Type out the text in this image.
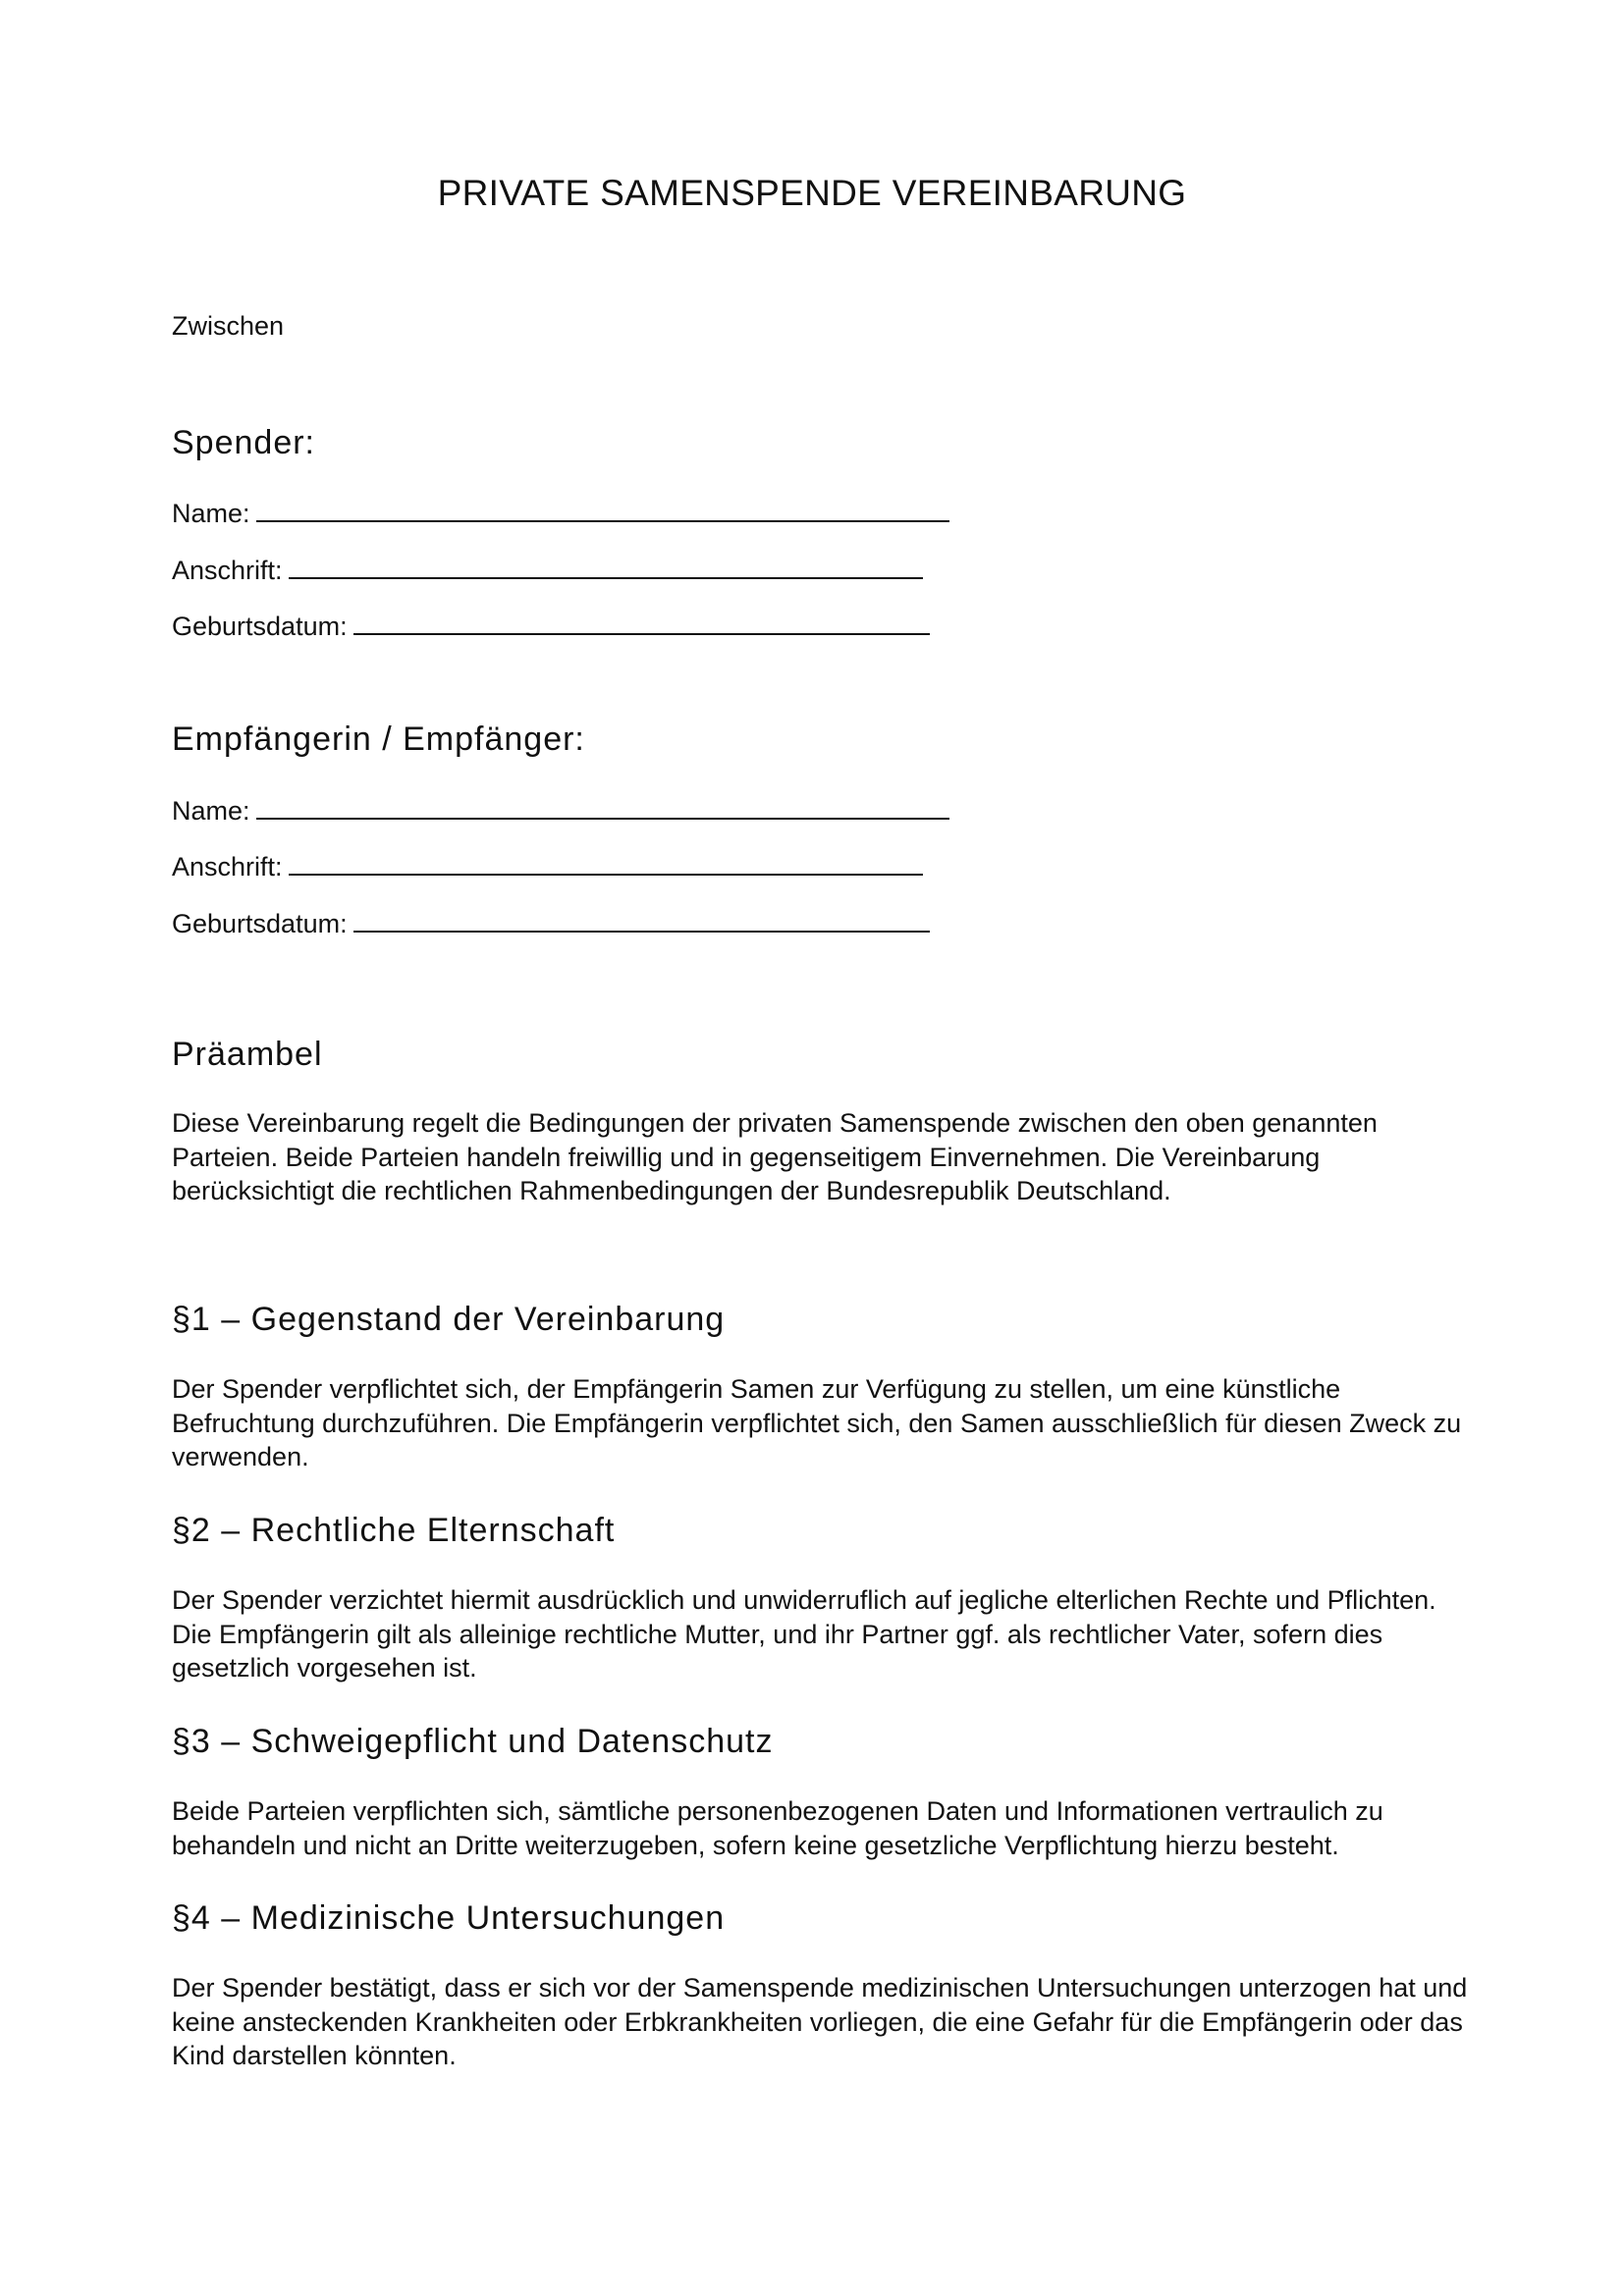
PRIVATE SAMENSPENDE VEREINBARUNG

Zwischen

Spender:
Name:
Anschrift:
Geburtsdatum:
Empfängerin / Empfänger:
Name:
Anschrift:
Geburtsdatum:
Präambel

Diese Vereinbarung regelt die Bedingungen der privaten Samenspende zwischen den oben genannten Parteien. Beide Parteien handeln freiwillig und in gegenseitigem Einvernehmen. Die Vereinbarung berücksichtigt die rechtlichen Rahmenbedingungen der Bundesrepublik Deutschland.

§1 – Gegenstand der Vereinbarung

Der Spender verpflichtet sich, der Empfängerin Samen zur Verfügung zu stellen, um eine künstliche Befruchtung durchzuführen. Die Empfängerin verpflichtet sich, den Samen ausschließlich für diesen Zweck zu verwenden.

§2 – Rechtliche Elternschaft

Der Spender verzichtet hiermit ausdrücklich und unwiderruflich auf jegliche elterlichen Rechte und Pflichten. Die Empfängerin gilt als alleinige rechtliche Mutter, und ihr Partner ggf. als rechtlicher Vater, sofern dies gesetzlich vorgesehen ist.

§3 – Schweigepflicht und Datenschutz

Beide Parteien verpflichten sich, sämtliche personenbezogenen Daten und Informationen vertraulich zu behandeln und nicht an Dritte weiterzugeben, sofern keine gesetzliche Verpflichtung hierzu besteht.

§4 – Medizinische Untersuchungen

Der Spender bestätigt, dass er sich vor der Samenspende medizinischen Untersuchungen unterzogen hat und keine ansteckenden Krankheiten oder Erbkrankheiten vorliegen, die eine Gefahr für die Empfängerin oder das Kind darstellen könnten.
